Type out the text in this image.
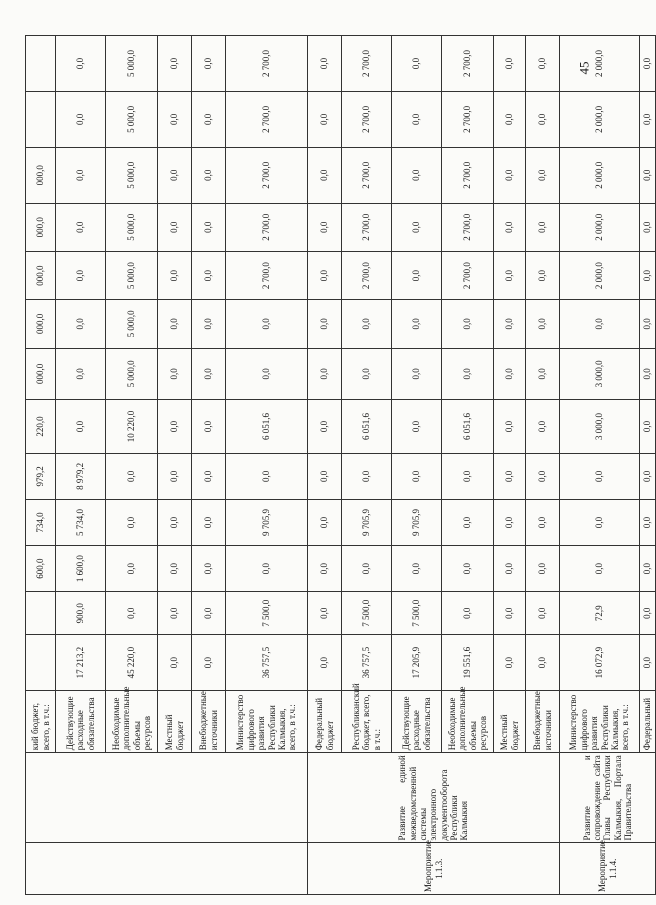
45
		кий бюджет, всего, в т.ч.:			600,0	734,0	979,2	220,0	000,0	000,0	000,0	000,0	000,0		
		Действующие расходные обязательства	17 213,2	900,0	1 600,0	5 734,0	8 979,2	0,0	0,0	0,0	0,0	0,0	0,0	0,0	0,0
		Необходимые дополнительные объемы ресурсов	45 220,0	0,0	0,0	0,0	0,0	10 220,0	5 000,0	5 000,0	5 000,0	5 000,0	5 000,0	5 000,0	5 000,0
		Местный бюджет	0,0	0,0	0,0	0,0	0,0	0,0	0,0	0,0	0,0	0,0	0,0	0,0	0,0
		Внебюджетные источники	0,0	0,0	0,0	0,0	0,0	0,0	0,0	0,0	0,0	0,0	0,0	0,0	0,0
		Министерство цифрового развития Республики Калмыкия, всего, в т.ч.:	36 757,5	7 500,0	0,0	9 705,9	0,0	6 051,6	0,0	0,0	2 700,0	2 700,0	2 700,0	2 700,0	2 700,0
Мероприятие 1.1.3.	Развитие единой межведомственной системы электронного документооборота Республики Калмыкия	Федеральный бюджет	0,0	0,0	0,0	0,0	0,0	0,0	0,0	0,0	0,0	0,0	0,0	0,0	0,0
		Республиканский бюджет, всего, в т.ч.:	36 757,5	7 500,0	0,0	9 705,9	0,0	6 051,6	0,0	0,0	2 700,0	2 700,0	2 700,0	2 700,0	2 700,0
		Действующие расходные обязательства	17 205,9	7 500,0	0,0	9 705,9	0,0	0,0	0,0	0,0	0,0	0,0	0,0	0,0	0,0
		Необходимые дополнительные объемы ресурсов	19 551,6	0,0	0,0	0,0	0,0	6 051,6	0,0	0,0	2 700,0	2 700,0	2 700,0	2 700,0	2 700,0
		Местный бюджет	0,0	0,0	0,0	0,0	0,0	0,0	0,0	0,0	0,0	0,0	0,0	0,0	0,0
		Внебюджетные источники	0,0	0,0	0,0	0,0	0,0	0,0	0,0	0,0	0,0	0,0	0,0	0,0	0,0
Мероприятие 1.1.4.	Развитие и сопровождение сайта Главы Республики Калмыкия, Портала Правительства	Министерство цифрового развития Республики Калмыкия, всего, в т.ч.:	16 072,9	72,9	0,0	0,0	0,0	3 000,0	3 000,0	0,0	2 000,0	2 000,0	2 000,0	2 000,0	2 000,0
		Федеральный	0,0	0,0	0,0	0,0	0,0	0,0	0,0	0,0	0,0	0,0	0,0	0,0	0,0
